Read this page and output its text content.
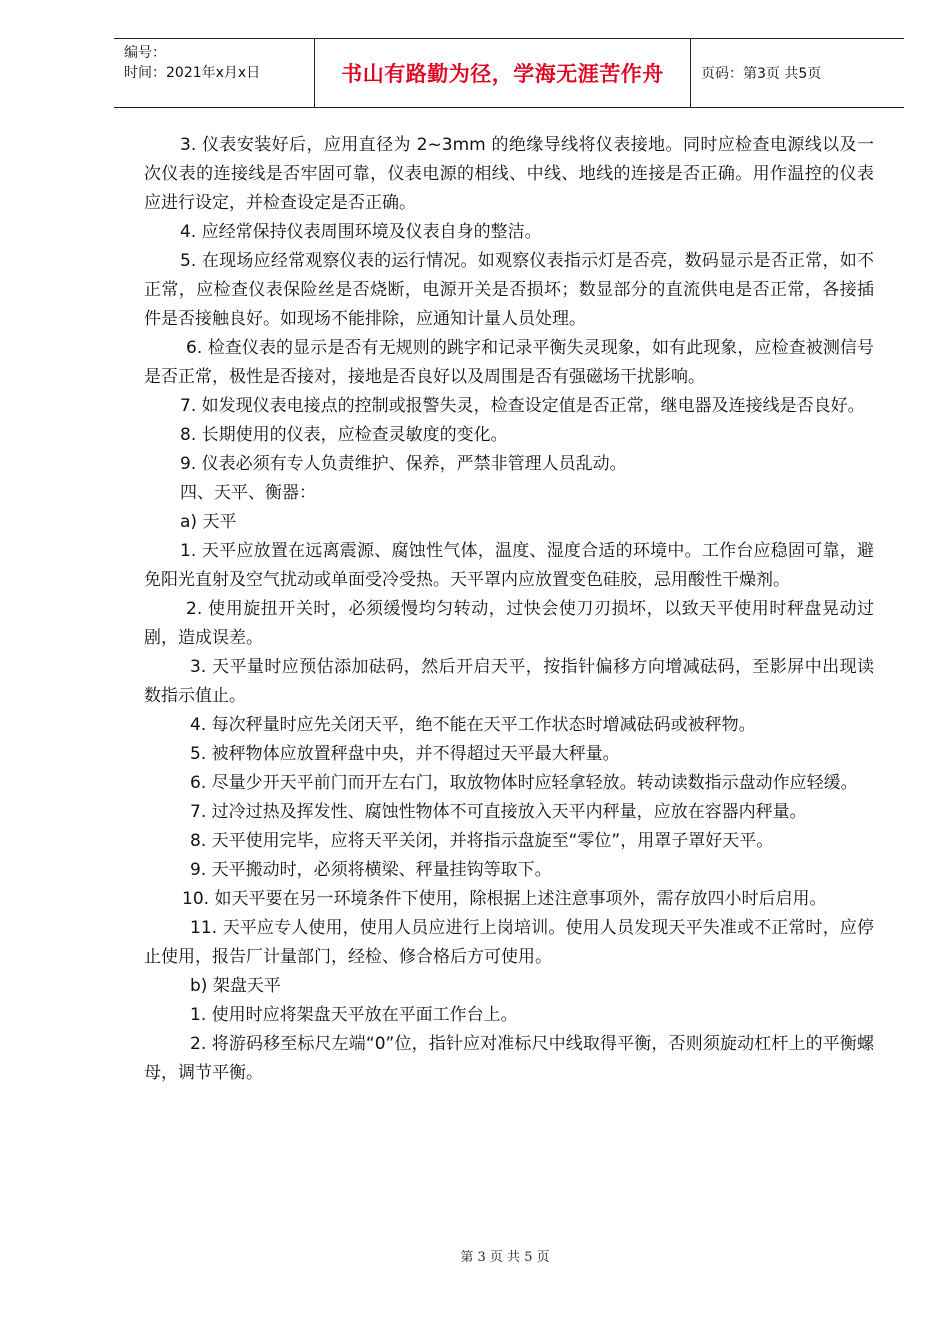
编号：
时间：2021年x月x日	书山有路勤为径，学海无涯苦作舟	页码：第3页 共5页

3. 仪表安装好后，应用直径为 2~3mm 的绝缘导线将仪表接地。同时应检查电源线以及一次仪表的连接线是否牢固可靠，仪表电源的相线、中线、地线的连接是否正确。用作温控的仪表应进行设定，并检查设定是否正确。

4. 应经常保持仪表周围环境及仪表自身的整洁。

5. 在现场应经常观察仪表的运行情况。如观察仪表指示灯是否亮，数码显示是否正常，如不正常，应检查仪表保险丝是否烧断，电源开关是否损坏；数显部分的直流供电是否正常，各接插件是否接触良好。如现场不能排除，应通知计量人员处理。

6. 检查仪表的显示是否有无规则的跳字和记录平衡失灵现象，如有此现象，应检查被测信号是否正常，极性是否接对，接地是否良好以及周围是否有强磁场干扰影响。

7. 如发现仪表电接点的控制或报警失灵，检查设定值是否正常，继电器及连接线是否良好。

8. 长期使用的仪表，应检查灵敏度的变化。

9. 仪表必须有专人负责维护、保养，严禁非管理人员乱动。

四、天平、衡器：

a) 天平

1. 天平应放置在远离震源、腐蚀性气体，温度、湿度合适的环境中。工作台应稳固可靠，避免阳光直射及空气扰动或单面受冷受热。天平罩内应放置变色硅胶，忌用酸性干燥剂。

2. 使用旋扭开关时，必须缓慢均匀转动，过快会使刀刃损坏，以致天平使用时秤盘晃动过剧，造成误差。

3. 天平量时应预估添加砝码，然后开启天平，按指针偏移方向增减砝码，至影屏中出现读数指示值止。

4. 每次秤量时应先关闭天平，绝不能在天平工作状态时增减砝码或被秤物。

5. 被秤物体应放置秤盘中央，并不得超过天平最大秤量。

6. 尽量少开天平前门而开左右门，取放物体时应轻拿轻放。转动读数指示盘动作应轻缓。

7. 过冷过热及挥发性、腐蚀性物体不可直接放入天平内秤量，应放在容器内秤量。

8. 天平使用完毕，应将天平关闭，并将指示盘旋至“零位”，用罩子罩好天平。

9. 天平搬动时，必须将横梁、秤量挂钩等取下。

10. 如天平要在另一环境条件下使用，除根据上述注意事项外，需存放四小时后启用。

11. 天平应专人使用，使用人员应进行上岗培训。使用人员发现天平失准或不正常时，应停止使用，报告厂计量部门，经检、修合格后方可使用。

b) 架盘天平

1. 使用时应将架盘天平放在平面工作台上。

2. 将游码移至标尺左端“0”位，指针应对准标尺中线取得平衡，否则须旋动杠杆上的平衡螺母，调节平衡。

第 3 页 共 5 页
